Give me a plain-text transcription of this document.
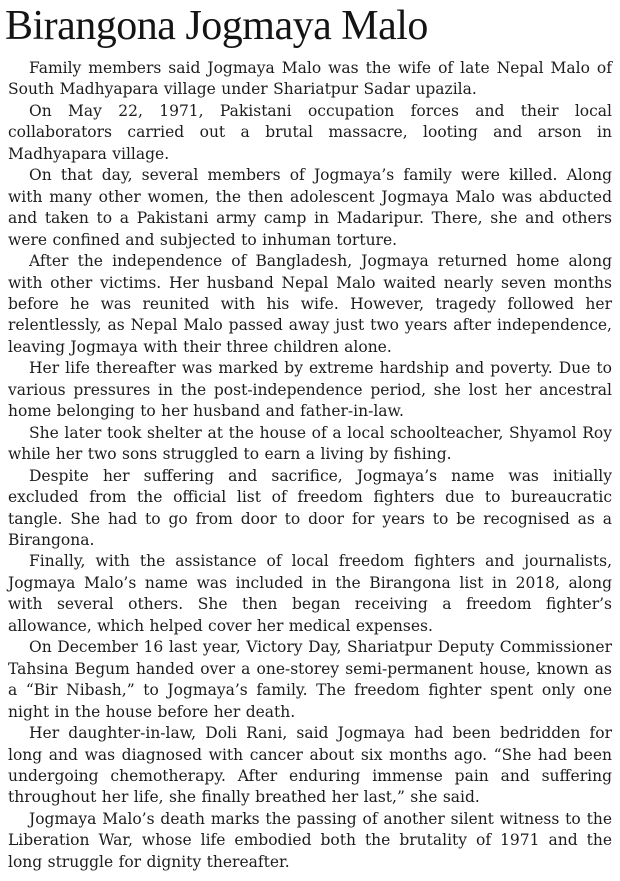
Birangona Jogmaya Malo

Family members said Jogmaya Malo was the wife of late Nepal Malo of South Madhyapara village under Shariatpur Sadar upazila.

On May 22, 1971, Pakistani occupation forces and their local collaborators carried out a brutal massacre, looting and arson in Madhyapara village.

On that day, several members of Jogmaya’s family were killed. Along with many other women, the then adolescent Jogmaya Malo was abducted and taken to a Pakistani army camp in Madaripur. There, she and others were confined and subjected to inhuman torture.

After the independence of Bangladesh, Jogmaya returned home along with other victims. Her husband Nepal Malo waited nearly seven months before he was reunited with his wife. However, tragedy followed her relentlessly, as Nepal Malo passed away just two years after independence, leaving Jogmaya with their three children alone.

Her life thereafter was marked by extreme hardship and poverty. Due to various pressures in the post-independence period, she lost her ancestral home belonging to her husband and father-in-law.

She later took shelter at the house of a local schoolteacher, Shyamol Roy while her two sons struggled to earn a living by fishing.

Despite her suffering and sacrifice, Jogmaya’s name was initially excluded from the official list of freedom fighters due to bureaucratic tangle. She had to go from door to door for years to be recognised as a Birangona.

Finally, with the assistance of local freedom fighters and journalists, Jogmaya Malo’s name was included in the Birangona list in 2018, along with several others. She then began receiving a freedom fighter’s allowance, which helped cover her medical expenses.

On December 16 last year, Victory Day, Shariatpur Deputy Commissioner Tahsina Begum handed over a one-storey semi-permanent house, known as a “Bir Nibash,” to Jogmaya’s family. The freedom fighter spent only one night in the house before her death.

Her daughter-in-law, Doli Rani, said Jogmaya had been bedridden for long and was diagnosed with cancer about six months ago. “She had been undergoing chemotherapy. After enduring immense pain and suffering throughout her life, she finally breathed her last,” she said.

Jogmaya Malo’s death marks the passing of another silent witness to the Liberation War, whose life embodied both the brutality of 1971 and the long struggle for dignity thereafter.
